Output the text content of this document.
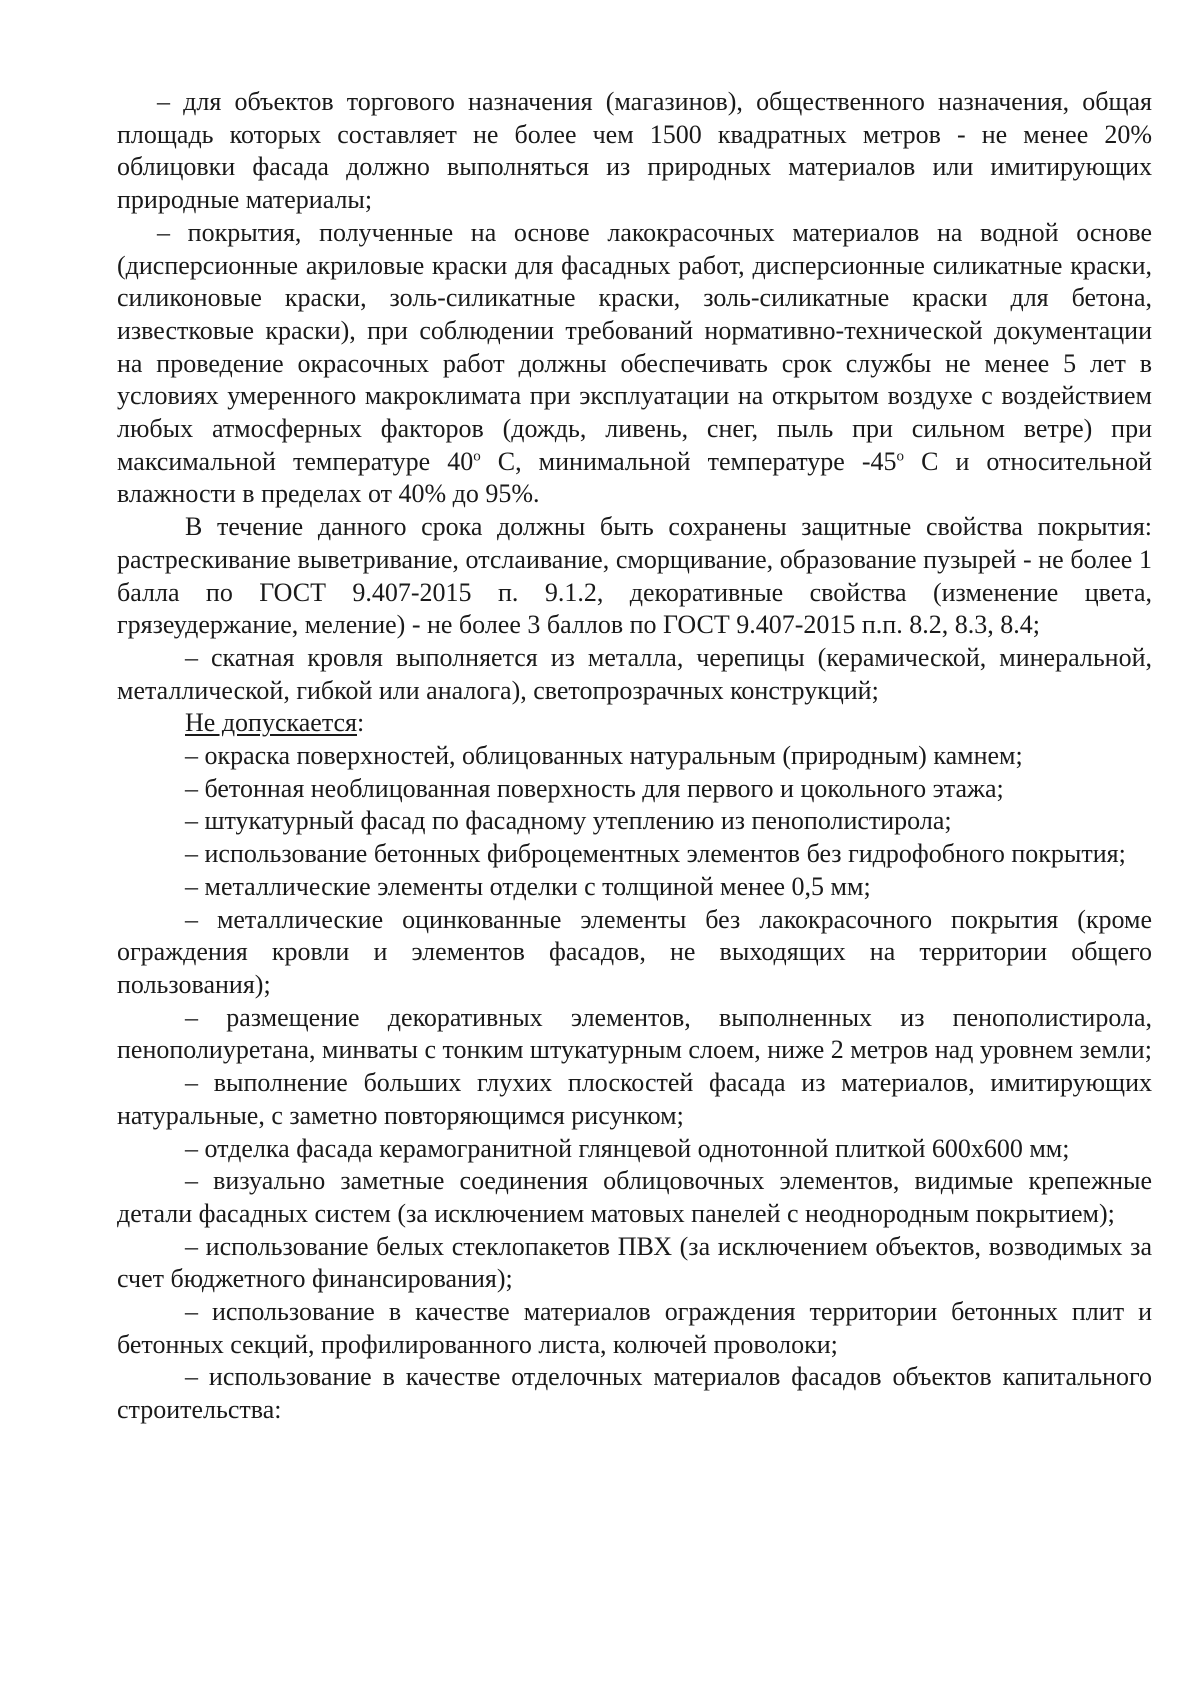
– для объектов торгового назначения (магазинов), общественного назначения, общая площадь которых составляет не более чем 1500 квадратных метров - не менее 20% облицовки фасада должно выполняться из природных материалов или имитирующих природные материалы;

– покрытия, полученные на основе лакокрасочных материалов на водной основе (дисперсионные акриловые краски для фасадных работ, дисперсионные силикатные краски, силиконовые краски, золь-силикатные краски, золь-силикатные краски для бетона, известковые краски), при соблюдении требований нормативно-технической документации на проведение окрасочных работ должны обеспечивать срок службы не менее 5 лет в условиях умеренного макроклимата при эксплуатации на открытом воздухе с воздействием любых атмосферных факторов (дождь, ливень, снег, пыль при сильном ветре) при максимальной температуре 40$^o$ С, минимальной температуре -45$^o$ С и относительной влажности в пределах от 40% до 95%.

В течение данного срока должны быть сохранены защитные свойства покрытия: растрескивание выветривание, отслаивание, сморщивание, образование пузырей - не более 1 балла по ГОСТ 9.407-2015 п. 9.1.2, декоративные свойства (изменение цвета, грязеудержание, меление) - не более 3 баллов по ГОСТ 9.407-2015 п.п. 8.2, 8.3, 8.4;

– скатная кровля выполняется из металла, черепицы (керамической, минеральной, металлической, гибкой или аналога), светопрозрачных конструкций;

Не допускается:

– окраска поверхностей, облицованных натуральным (природным) камнем;

– бетонная необлицованная поверхность для первого и цокольного этажа;

– штукатурный фасад по фасадному утеплению из пенополистирола;

– использование бетонных фиброцементных элементов без гидрофобного покрытия;

– металлические элементы отделки с толщиной менее 0,5 мм;

– металлические оцинкованные элементы без лакокрасочного покрытия (кроме ограждения кровли и элементов фасадов, не выходящих на территории общего пользования);

– размещение декоративных элементов, выполненных из пенополистирола, пенополиуретана, минваты с тонким штукатурным слоем, ниже 2 метров над уровнем земли;

– выполнение больших глухих плоскостей фасада из материалов, имитирующих натуральные, с заметно повторяющимся рисунком;

– отделка фасада керамогранитной глянцевой однотонной плиткой 600х600 мм;

– визуально заметные соединения облицовочных элементов, видимые крепежные детали фасадных систем (за исключением матовых панелей с неоднородным покрытием);

– использование белых стеклопакетов ПВХ (за исключением объектов, возводимых за счет бюджетного финансирования);

– использование в качестве материалов ограждения территории бетонных плит и бетонных секций, профилированного листа, колючей проволоки;

– использование в качестве отделочных материалов фасадов объектов капитального строительства:
